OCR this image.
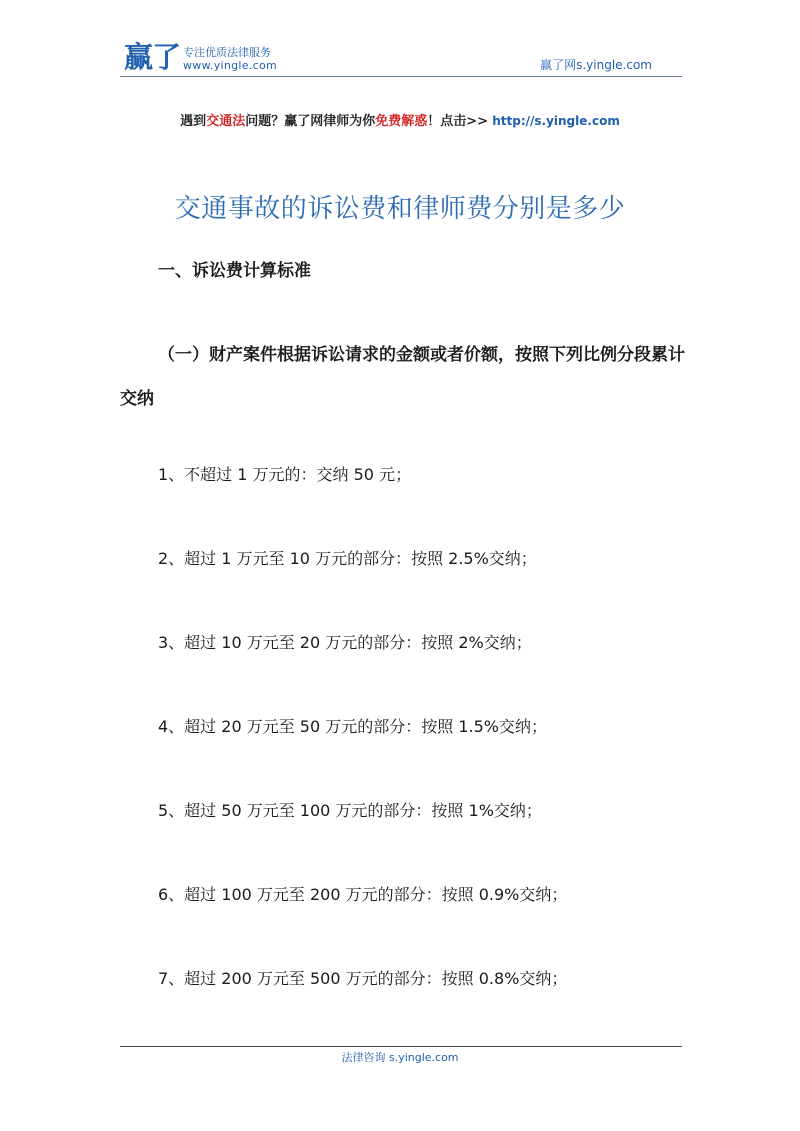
赢了 专注优质法律服务
www.yingle.com	赢了网s.yingle.com
遇到交通法问题？赢了网律师为你免费解惑！点击>> http://s.yingle.com
交通事故的诉讼费和律师费分别是多少
一、诉讼费计算标准
（一）财产案件根据诉讼请求的金额或者价额，按照下列比例分段累计交纳
1、不超过 1 万元的：交纳 50 元；
2、超过 1 万元至 10 万元的部分：按照 2.5%交纳；
3、超过 10 万元至 20 万元的部分：按照 2%交纳；
4、超过 20 万元至 50 万元的部分：按照 1.5%交纳；
5、超过 50 万元至 100 万元的部分：按照 1%交纳；
6、超过 100 万元至 200 万元的部分：按照 0.9%交纳；
7、超过 200 万元至 500 万元的部分：按照 0.8%交纳；
法律咨询 s.yingle.com
